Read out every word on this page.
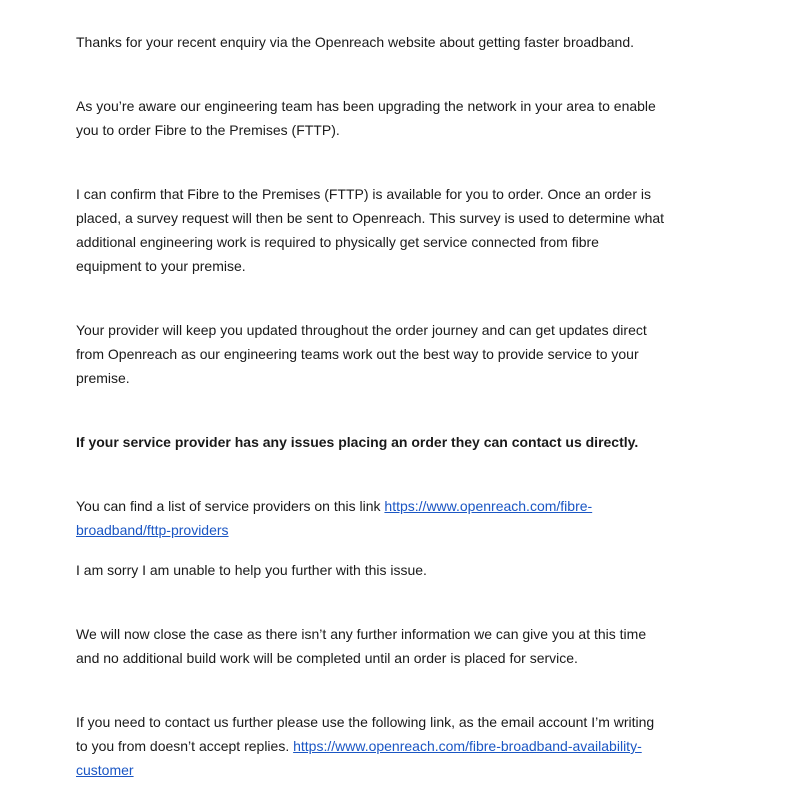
Thanks for your recent enquiry via the Openreach website about getting faster broadband.

As you’re aware our engineering team has been upgrading the network in your area to enable you to order Fibre to the Premises (FTTP).

I can confirm that Fibre to the Premises (FTTP) is available for you to order. Once an order is placed, a survey request will then be sent to Openreach. This survey is used to determine what additional engineering work is required to physically get service connected from fibre equipment to your premise.

Your provider will keep you updated throughout the order journey and can get updates direct from Openreach as our engineering teams work out the best way to provide service to your premise.

If your service provider has any issues placing an order they can contact us directly.

You can find a list of service providers on this link https://www.openreach.com/fibre-broadband/fttp-providers

I am sorry I am unable to help you further with this issue.

We will now close the case as there isn’t any further information we can give you at this time and no additional build work will be completed until an order is placed for service.

If you need to contact us further please use the following link, as the email account I’m writing to you from doesn’t accept replies. https://www.openreach.com/fibre-broadband-availability-customer
